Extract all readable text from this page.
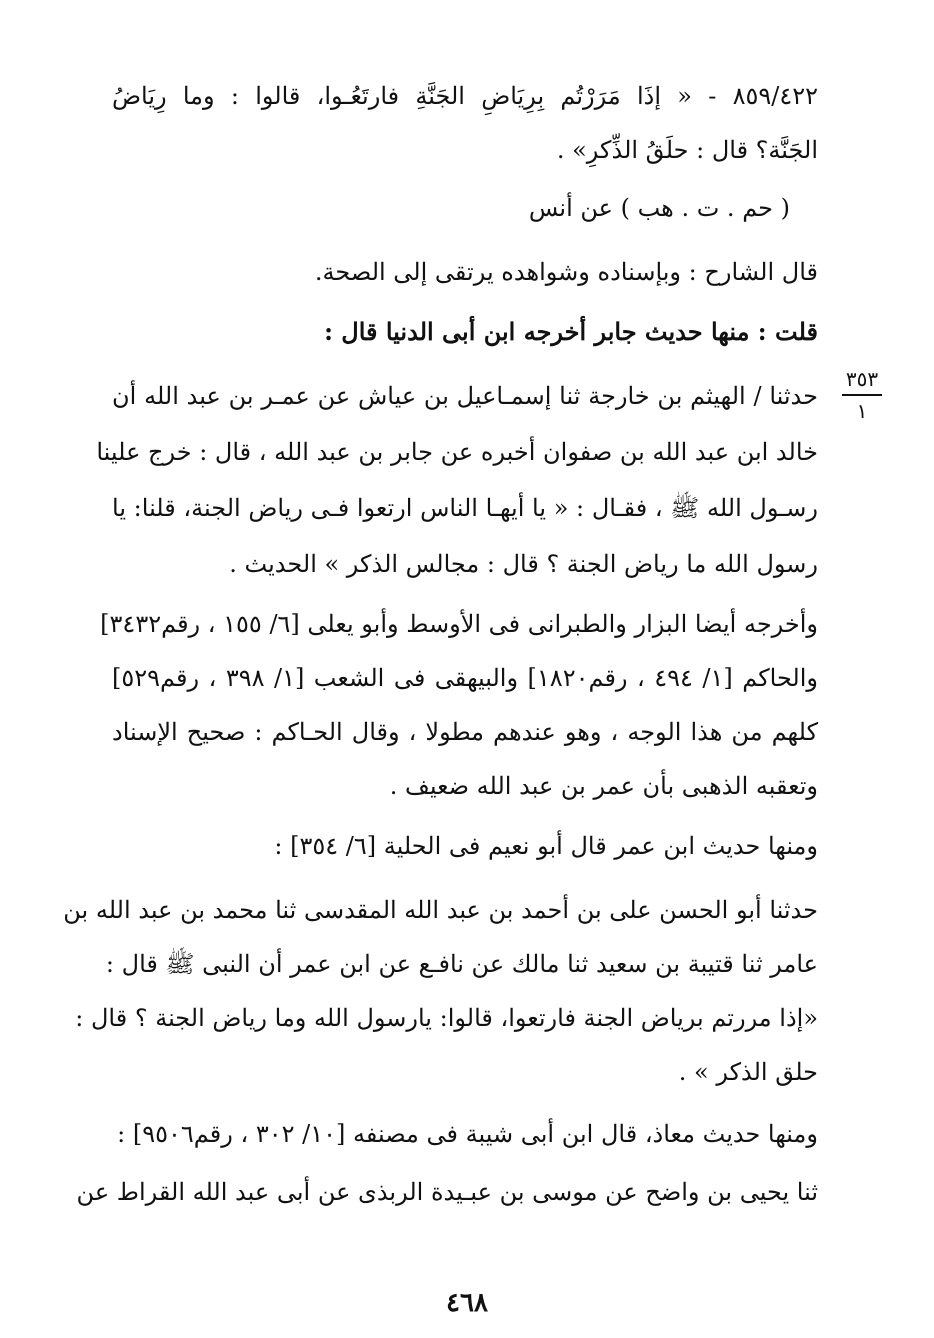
٨٥٩/٤٢٢ - « إذَا مَرَرْتُم بِرِيَاضِ الجَنَّةِ فارتَعُـوا، قالوا : وما رِيَاضُ
الجَنَّة؟ قال : حلَقُ الذِّكرِ» .
( حم . ت . هب ) عن أنس
قال الشارح : وبإسناده وشواهده يرتقى إلى الصحة.
قلت : منها حديث جابر أخرجه ابن أبى الدنيا قال :
حدثنا / الهيثم بن خارجة ثنا إسمـاعيل بن عياش عن عمـر بن عبد الله أن
خالد ابن عبد الله بن صفوان أخبره عن جابر بن عبد الله ، قال : خرج علينا
رسـول الله ﷺ ، فقـال : « يا أيهـا الناس ارتعوا فـى رياض الجنة، قلنا: يا
رسول الله ما رياض الجنة ؟ قال : مجالس الذكر » الحديث .
وأخرجه أيضا البزار والطبرانى فى الأوسط وأبو يعلى [٦/ ١٥٥ ، رقم٣٤٣٢]
والحاكم [١/ ٤٩٤ ، رقم١٨٢٠] والبيهقى فى الشعب [١/ ٣٩٨ ، رقم٥٢٩]
كلهم من هذا الوجه ، وهو عندهم مطولا ، وقال الحـاكم : صحيح الإسناد
وتعقبه الذهبى بأن عمر بن عبد الله ضعيف .
ومنها حديث ابن عمر قال أبو نعيم فى الحلية [٦/ ٣٥٤] :
حدثنا أبو الحسن على بن أحمد بن عبد الله المقدسى ثنا محمد بن عبد الله بن
عامر ثنا قتيبة بن سعيد ثنا مالك عن نافـع عن ابن عمر أن النبى ﷺ قال :
«إذا مررتم برياض الجنة فارتعوا، قالوا: يارسول الله وما رياض الجنة ؟ قال :
حلق الذكر » .
ومنها حديث معاذ، قال ابن أبى شيبة فى مصنفه [١٠/ ٣٠٢ ، رقم٩٥٠٦] :
ثنا يحيى بن واضح عن موسى بن عبـيدة الربذى عن أبى عبد الله القراط عن
٣٥٣
١
٤٦٨
